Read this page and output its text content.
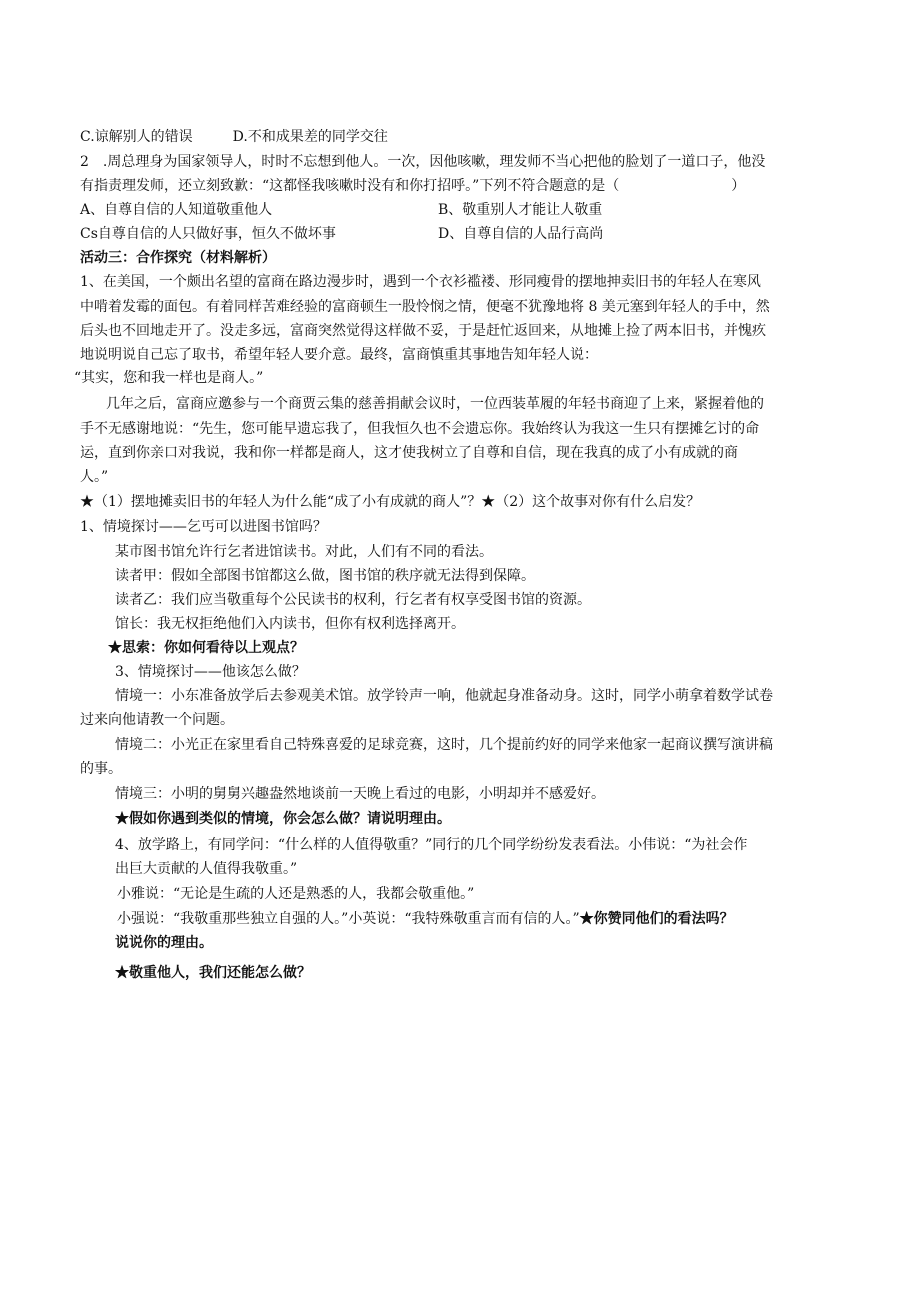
C.谅解别人的错误	D.不和成果差的同学交往
2　.周总理身为国家领导人，时时不忘想到他人。一次，因他咳嗽，理发师不当心把他的脸划了一道口子，他没
有指责理发师，还立刻致歉：“这都怪我咳嗽时没有和你打招呼。”下列不符合题意的是（　　　　　　　　）
A、自尊自信的人知道敬重他人	B、敬重别人才能让人敬重
Cs自尊自信的人只做好事，恒久不做坏事	D、自尊自信的人品行高尚
活动三：合作探究（材料解析）
1、在美国，一个颇出名望的富商在路边漫步时，遇到一个衣衫褴褛、形同瘦骨的摆地抻卖旧书的年轻人在寒风
中啃着发霉的面包。有着同样苦难经验的富商顿生一股怜悯之情，便毫不犹豫地将 8 美元塞到年轻人的手中，然
后头也不回地走开了。没走多远，富商突然觉得这样做不妥，于是赶忙返回来，从地摊上捡了两本旧书，并愧疚
地说明说自己忘了取书，希望年轻人要介意。最终，富商慎重其事地告知年轻人说：
“其实，您和我一样也是商人。”
几年之后，富商应邀参与一个商贾云集的慈善捐献会议时，一位西装革履的年轻书商迎了上来，紧握着他的
手不无感谢地说：“先生，您可能早遗忘我了，但我恒久也不会遗忘你。我始终认为我这一生只有摆摊乞讨的命
运，直到你亲口对我说，我和你一样都是商人，这才使我树立了自尊和自信，现在我真的成了小有成就的商
人。”
★（1）摆地摊卖旧书的年轻人为什么能“成了小有成就的商人”？★（2）这个故事对你有什么启发？
1、情境探讨——乞丐可以进图书馆吗？
某市图书馆允许行乞者进馆读书。对此，人们有不同的看法。
读者甲：假如全部图书馆都这么做，图书馆的秩序就无法得到保障。
读者乙：我们应当敬重每个公民读书的权利，行乞者有权享受图书馆的资源。
馆长：我无权拒绝他们入内读书，但你有权利选择离开。
★思索：你如何看待以上观点？
3、情境探讨——他该怎么做？
情境一：小东准备放学后去参观美术馆。放学铃声一响，他就起身准备动身。这时，同学小萌拿着数学试卷
过来向他请教一个问题。
情境二：小光正在家里看自己特殊喜爱的足球竞赛，这时，几个提前约好的同学来他家一起商议撰写演讲稿
的事。
情境三：小明的舅舅兴趣盎然地谈前一天晚上看过的电影，小明却并不感爱好。
★假如你遇到类似的情境，你会怎么做？请说明理由。
4、放学路上，有同学问：“什么样的人值得敬重？”同行的几个同学纷纷发表看法。小伟说：“为社会作
出巨大贡献的人值得我敬重。”
小雅说：“无论是生疏的人还是熟悉的人，我都会敬重他。”
小强说：“我敬重那些独立自强的人。”小英说：“我特殊敬重言而有信的人。”★你赞同他们的看法吗？
说说你的理由。
★敬重他人，我们还能怎么做？
